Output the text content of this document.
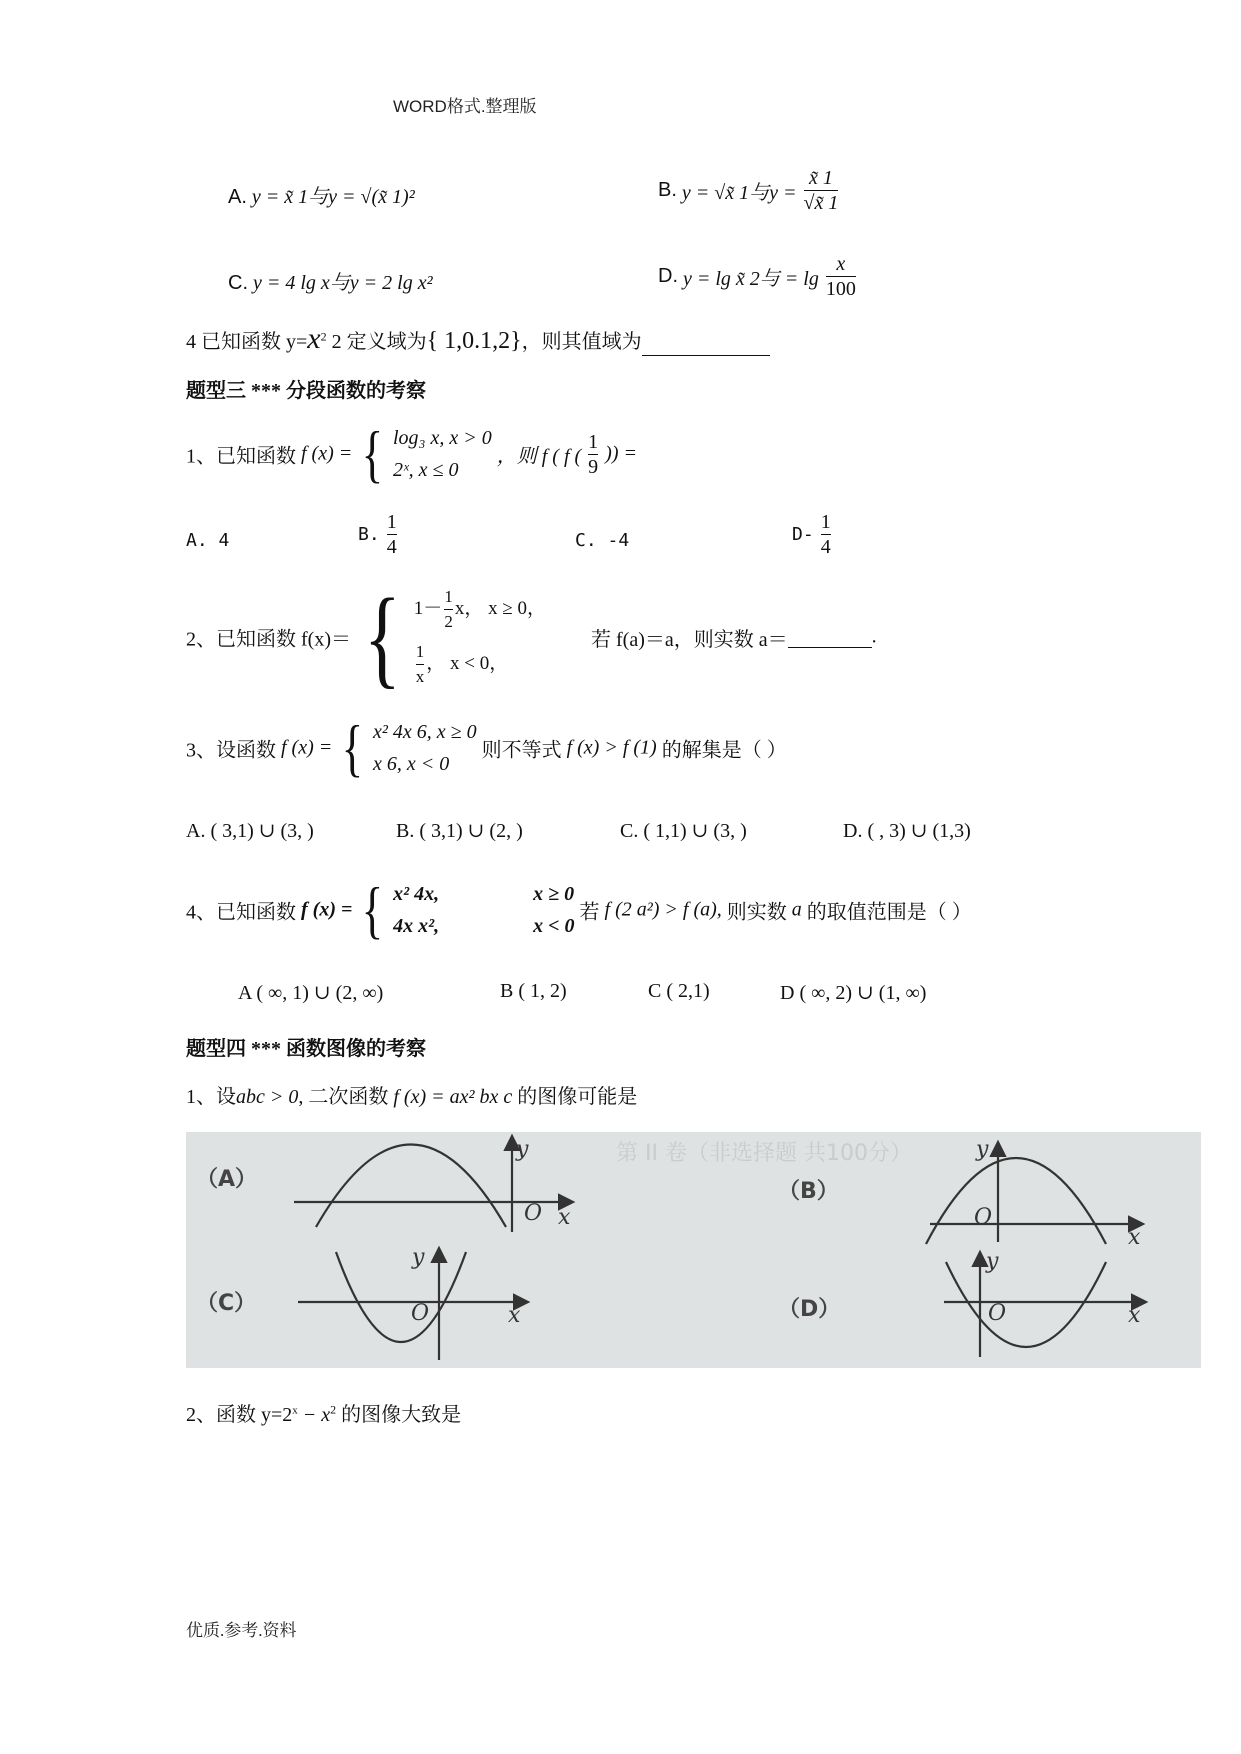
WORD格式.整理版
A. y = x̃ 1与y = √(x̃ 1)²	B. y = √x̃ 1与$y = \frac{x̃ 1}{√x̃ 1}$
C. y = 4 lg x与y = 2 lg x²	D. y = lg x̃ 2与 = $\lg \frac{x}{100}$
4 已知函数 $y=x^2$ 2 定义域为{ 1,0.1,2}，则其值域为
题型三 *** 分段函数的考察
1、已知函数 f (x) = { log₃ x, x > 0
2ˣ, x ≤ 0
，则 f ( f ( $\frac{1}{9}$ )) =
A. 4	B. $\frac{1}{4}$	C. -4	$D- \frac{1}{4}$
2、已知函数 f(x)＝ { $1- \frac{1}{2}$ x， x ≥ 0，
$\frac{1}{x}$ ， x < 0，
若 f(a)＝a，则实数 a＝	.
3、设函数 f (x) = { x² 4x 6, x ≥ 0
x 6, x < 0
则不等式 f (x) > f (1) 的解集是（ ）
A. ( 3,1) ∪ (3, )	B. ( 3,1) ∪ (2, )	C. ( 1,1) ∪ (3, )	D. ( , 3) ∪ (1,3)
4、已知函数 f (x) = { x² 4x,	x ≥ 0
4x x²,	x < 0
若 f (2 a²) > f (a), 则实数 a 的取值范围是（ ）
A ( ∞, 1) ∪ (2, ∞)	B ( 1, 2)	C ( 2,1)	D ( ∞, 2) ∪ (1, ∞)
题型四 *** 函数图像的考察
1、设abc > 0, 二次函数 f (x) = ax² bx c 的图像可能是
第 II 卷（非选择题 共100分）
y
O x
y
O
x
y
O	x
y
O	x
（A）	（B）
（C）	（D）
2、函数 $y=2^x - x^2$ 的图像大致是
优质.参考.资料
